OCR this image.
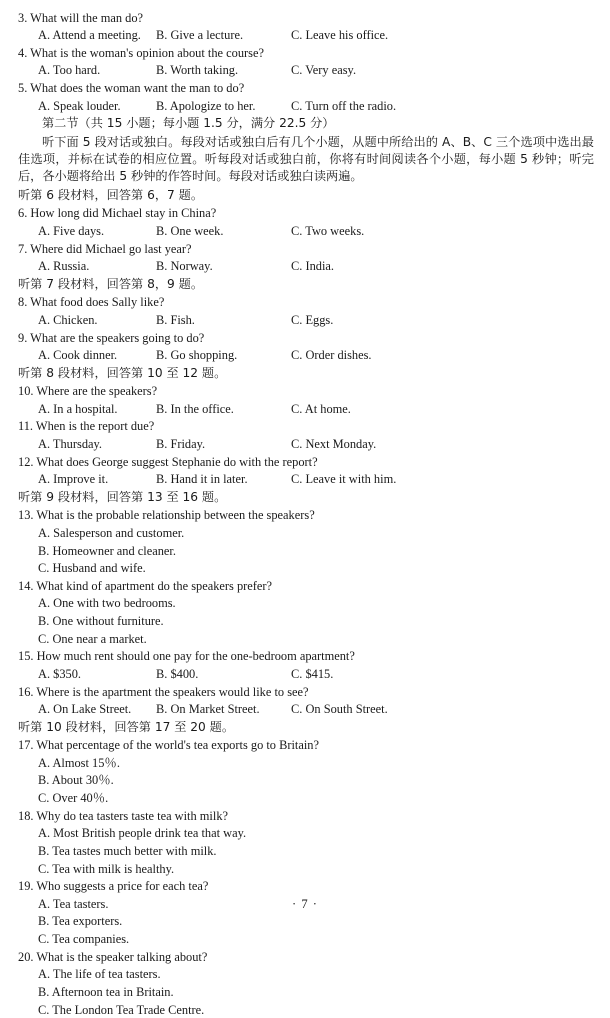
3. What will the man do?
A. Attend a meeting.	B. Give a lecture.	C. Leave his office.
4. What is the woman's opinion about the course?
A. Too hard.	B. Worth taking.	C. Very easy.
5. What does the woman want the man to do?
A. Speak louder.	B. Apologize to her.	C. Turn off the radio.
第二节（共 15 小题；每小题 1.5 分，满分 22.5 分）
听下面 5 段对话或独白。每段对话或独白后有几个小题，从题中所给出的 A、B、C 三个选项中选出最佳选项，并标在试卷的相应位置。听每段对话或独白前，你将有时间阅读各个小题，每小题 5 秒钟；听完后，各小题将给出 5 秒钟的作答时间。每段对话或独白读两遍。
听第 6 段材料，回答第 6，7 题。
6. How long did Michael stay in China?
A. Five days.	B. One week.	C. Two weeks.
7. Where did Michael go last year?
A. Russia.	B. Norway.	C. India.
听第 7 段材料，回答第 8，9 题。
8. What food does Sally like?
A. Chicken.	B. Fish.	C. Eggs.
9. What are the speakers going to do?
A. Cook dinner.	B. Go shopping.	C. Order dishes.
听第 8 段材料，回答第 10 至 12 题。
10. Where are the speakers?
A. In a hospital.	B. In the office.	C. At home.
11. When is the report due?
A. Thursday.	B. Friday.	C. Next Monday.
12. What does George suggest Stephanie do with the report?
A. Improve it.	B. Hand it in later.	C. Leave it with him.
听第 9 段材料，回答第 13 至 16 题。
13. What is the probable relationship between the speakers?
A. Salesperson and customer.
B. Homeowner and cleaner.
C. Husband and wife.
14. What kind of apartment do the speakers prefer?
A. One with two bedrooms.
B. One without furniture.
C. One near a market.
15. How much rent should one pay for the one-bedroom apartment?
A. $350.	B. $400.	C. $415.
16. Where is the apartment the speakers would like to see?
A. On Lake Street.	B. On Market Street.	C. On South Street.
听第 10 段材料，回答第 17 至 20 题。
17. What percentage of the world's tea exports go to Britain?
A. Almost 15％.
B. About 30％.
C. Over 40％.
18. Why do tea tasters taste tea with milk?
A. Most British people drink tea that way.
B. Tea tastes much better with milk.
C. Tea with milk is healthy.
19. Who suggests a price for each tea?
A. Tea tasters.
B. Tea exporters.
C. Tea companies.
20. What is the speaker talking about?
A. The life of tea tasters.
B. Afternoon tea in Britain.
C. The London Tea Trade Centre.
· 7 ·
